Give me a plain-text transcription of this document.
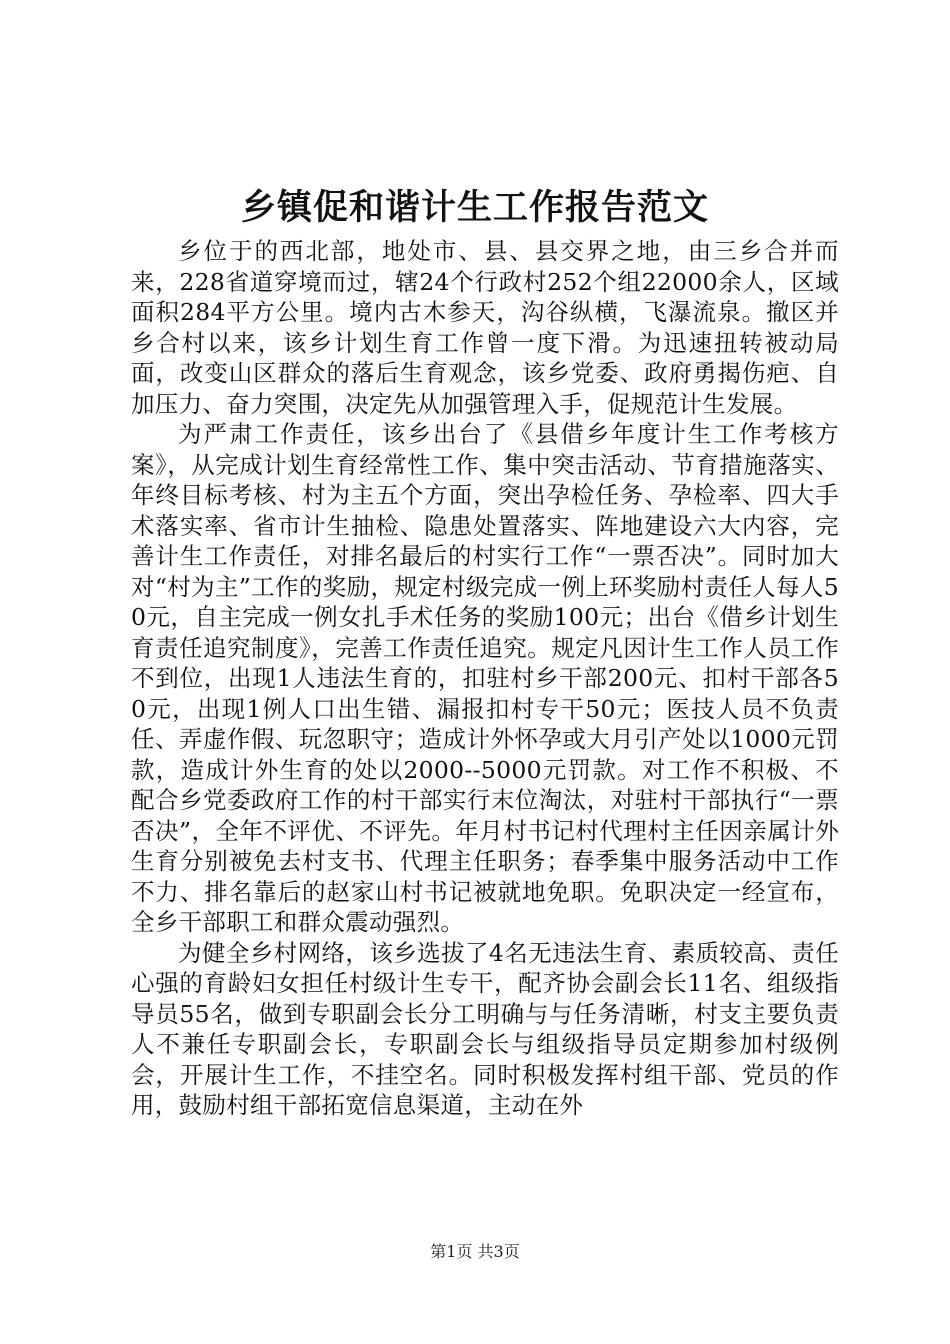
乡镇促和谐计生工作报告范文

乡位于的西北部，地处市、县、县交界之地，由三乡合并而来，228省道穿境而过，辖24个行政村252个组22000余人，区域面积284平方公里。境内古木参天，沟谷纵横，飞瀑流泉。撤区并乡合村以来，该乡计划生育工作曾一度下滑。为迅速扭转被动局面，改变山区群众的落后生育观念，该乡党委、政府勇揭伤疤、自加压力、奋力突围，决定先从加强管理入手，促规范计生发展。

为严肃工作责任，该乡出台了《县借乡年度计生工作考核方案》，从完成计划生育经常性工作、集中突击活动、节育措施落实、年终目标考核、村为主五个方面，突出孕检任务、孕检率、四大手术落实率、省市计生抽检、隐患处置落实、阵地建设六大内容，完善计生工作责任，对排名最后的村实行工作“一票否决”。同时加大对“村为主”工作的奖励，规定村级完成一例上环奖励村责任人每人50元，自主完成一例女扎手术任务的奖励100元；出台《借乡计划生育责任追究制度》，完善工作责任追究。规定凡因计生工作人员工作不到位，出现1人违法生育的，扣驻村乡干部200元、扣村干部各50元，出现1例人口出生错、漏报扣村专干50元；医技人员不负责任、弄虚作假、玩忽职守；造成计外怀孕或大月引产处以1000元罚款，造成计外生育的处以2000--5000元罚款。对工作不积极、不配合乡党委政府工作的村干部实行末位淘汰，对驻村干部执行“一票否决”，全年不评优、不评先。年月村书记村代理村主任因亲属计外生育分别被免去村支书、代理主任职务；春季集中服务活动中工作不力、排名靠后的赵家山村书记被就地免职。免职决定一经宣布，全乡干部职工和群众震动强烈。

为健全乡村网络，该乡选拔了4名无违法生育、素质较高、责任心强的育龄妇女担任村级计生专干，配齐协会副会长11名、组级指导员55名，做到专职副会长分工明确与与任务清晰，村支主要负责人不兼任专职副会长，专职副会长与组级指导员定期参加村级例会，开展计生工作，不挂空名。同时积极发挥村组干部、党员的作用，鼓励村组干部拓宽信息渠道，主动在外

第1页 共3页
